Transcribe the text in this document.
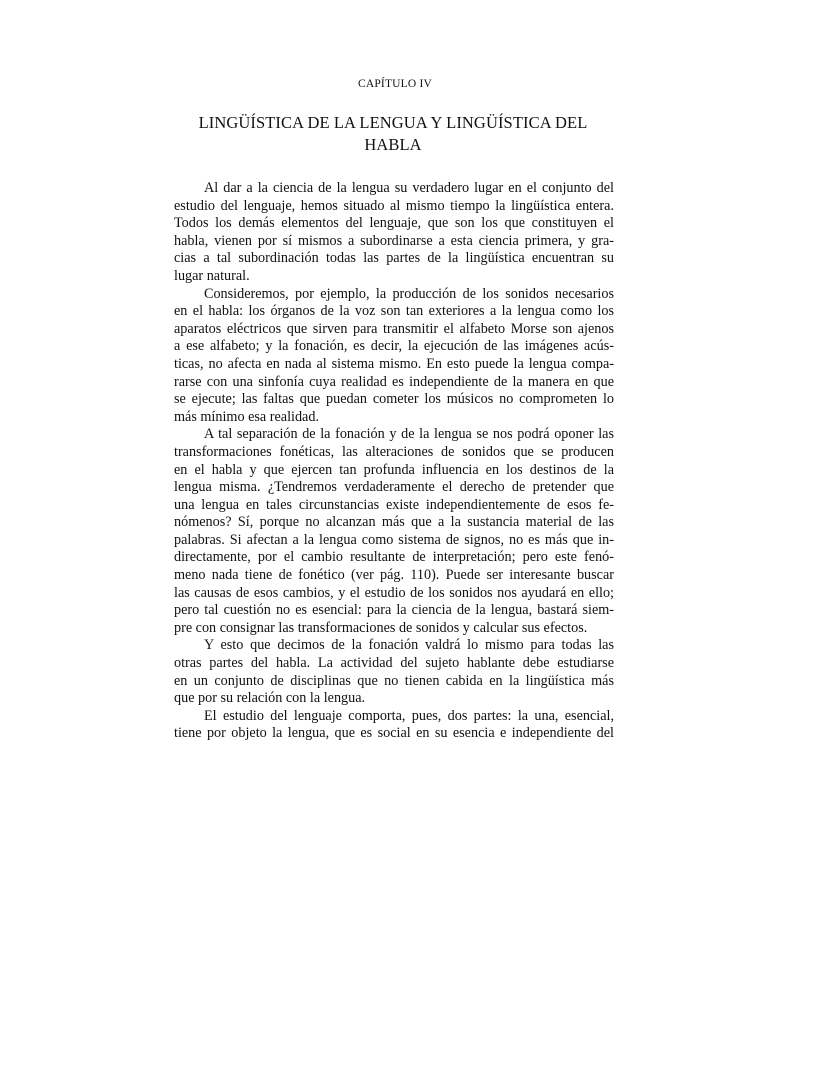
CAPÍTULO IV
LINGÜÍSTICA DE LA LENGUA Y LINGÜÍSTICA DEL
HABLA
Al dar a la ciencia de la lengua su verdadero lugar en el conjunto del
estudio del lenguaje, hemos situado al mismo tiempo la lingüística entera.
Todos los demás elementos del lenguaje, que son los que constituyen el
habla, vienen por sí mismos a subordinarse a esta ciencia primera, y gra-
cias a tal subordinación todas las partes de la lingüística encuentran su
lugar natural.
Consideremos, por ejemplo, la producción de los sonidos necesarios
en el habla: los órganos de la voz son tan exteriores a la lengua como los
aparatos eléctricos que sirven para transmitir el alfabeto Morse son ajenos
a ese alfabeto; y la fonación, es decir, la ejecución de las imágenes acús-
ticas, no afecta en nada al sistema mismo. En esto puede la lengua compa-
rarse con una sinfonía cuya realidad es independiente de la manera en que
se ejecute; las faltas que puedan cometer los músicos no comprometen lo
más mínimo esa realidad.
A tal separación de la fonación y de la lengua se nos podrá oponer las
transformaciones fonéticas, las alteraciones de sonidos que se producen
en el habla y que ejercen tan profunda influencia en los destinos de la
lengua misma. ¿Tendremos verdaderamente el derecho de pretender que
una lengua en tales circunstancias existe independientemente de esos fe-
nómenos? Sí, porque no alcanzan más que a la sustancia material de las
palabras. Si afectan a la lengua como sistema de signos, no es más que in-
directamente, por el cambio resultante de interpretación; pero este fenó-
meno nada tiene de fonético (ver pág. 110). Puede ser interesante buscar
las causas de esos cambios, y el estudio de los sonidos nos ayudará en ello;
pero tal cuestión no es esencial: para la ciencia de la lengua, bastará siem-
pre con consignar las transformaciones de sonidos y calcular sus efectos.
Y esto que decimos de la fonación valdrá lo mismo para todas las
otras partes del habla. La actividad del sujeto hablante debe estudiarse
en un conjunto de disciplinas que no tienen cabida en la lingüística más
que por su relación con la lengua.
El estudio del lenguaje comporta, pues, dos partes: la una, esencial,
tiene por objeto la lengua, que es social en su esencia e independiente del
